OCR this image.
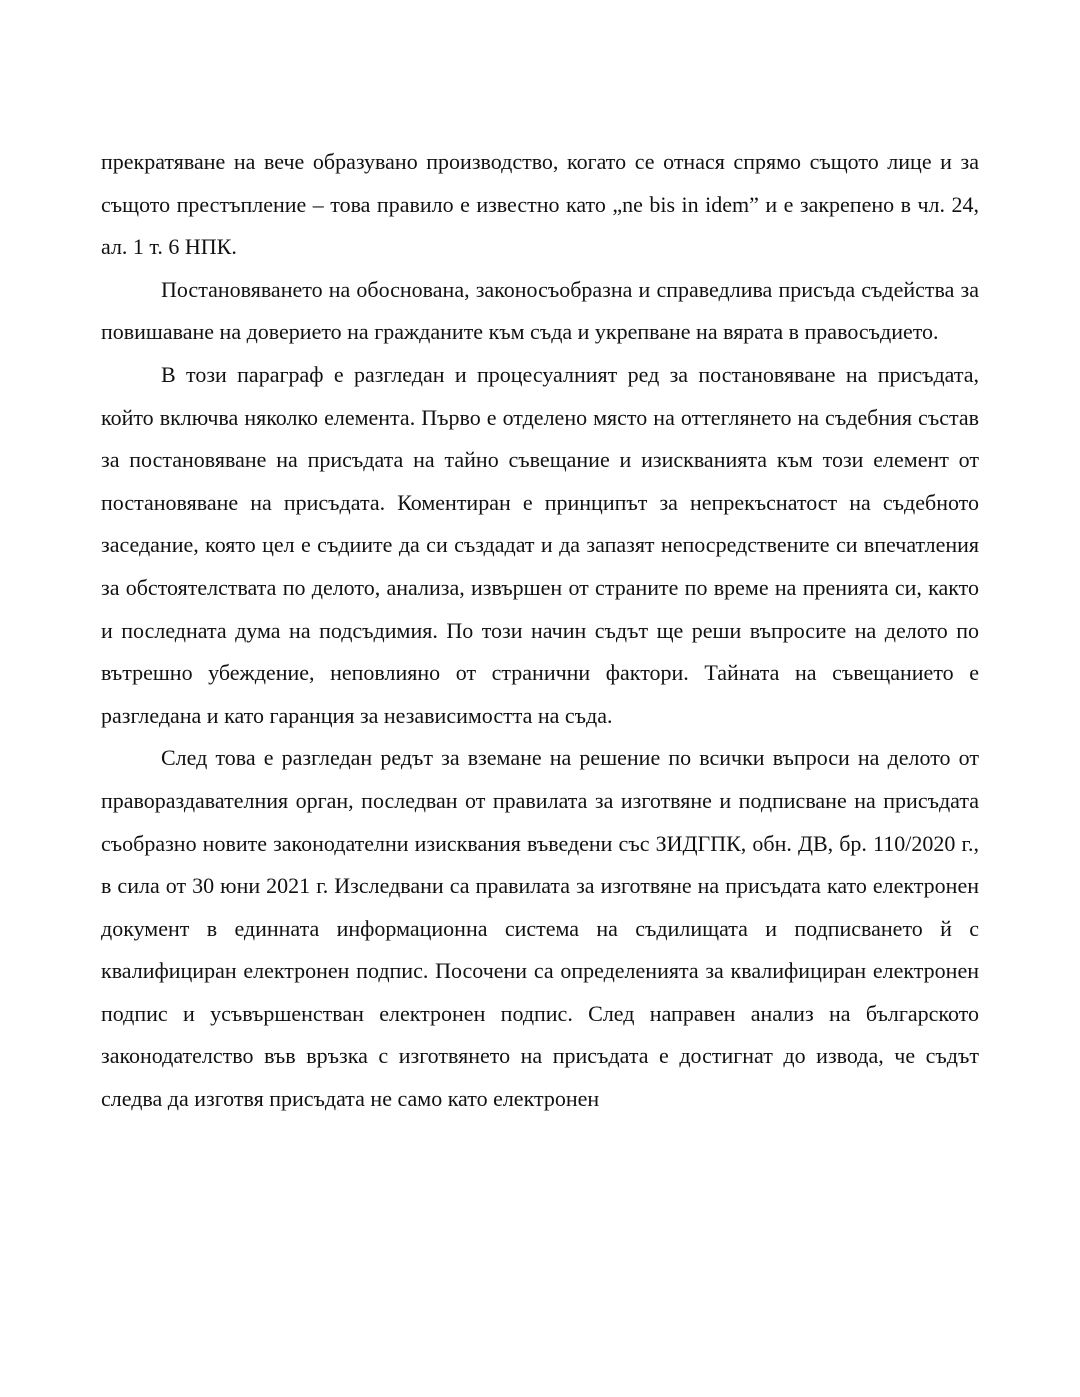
прекратяване на вече образувано производство, когато се отнася спрямо същото лице и за същото престъпление – това правило е известно като „ne bis in idem” и е закрепено в чл. 24, ал. 1 т. 6 НПК.

Постановяването на обоснована, законосъобразна и справедлива присъда съдейства за повишаване на доверието на гражданите към съда и укрепване на вярата в правосъдието.

В този параграф е разгледан и процесуалният ред за постановяване на присъдата, който включва няколко елемента. Първо е отделено място на оттеглянето на съдебния състав за постановяване на присъдата на тайно съвещание и изискванията към този елемент от постановяване на присъдата. Коментиран е принципът за непрекъснатост на съдебното заседание, която цел е съдиите да си създадат и да запазят непосредствените си впечатления за обстоятелствата по делото, анализа, извършен от страните по време на пренията си, както и последната дума на подсъдимия. По този начин съдът ще реши въпросите на делото по вътрешно убеждение, неповлияно от странични фактори. Тайната на съвещанието е разгледана и като гаранция за независимостта на съда.

След това е разгледан редът за вземане на решение по всички въпроси на делото от правораздавателния орган, последван от правилата за изготвяне и подписване на присъдата съобразно новите законодателни изисквания въведени със ЗИДГПК, обн. ДВ, бр. 110/2020 г., в сила от 30 юни 2021 г. Изследвани са правилата за изготвяне на присъдата като електронен документ в единната информационна система на съдилищата и подписването й с квалифициран електронен подпис. Посочени са определенията за квалифициран електронен подпис и усъвършенстван електронен подпис. След направен анализ на българското законодателство във връзка с изготвянето на присъдата е достигнат до извода, че съдът следва да изготвя присъдата не само като електронен
